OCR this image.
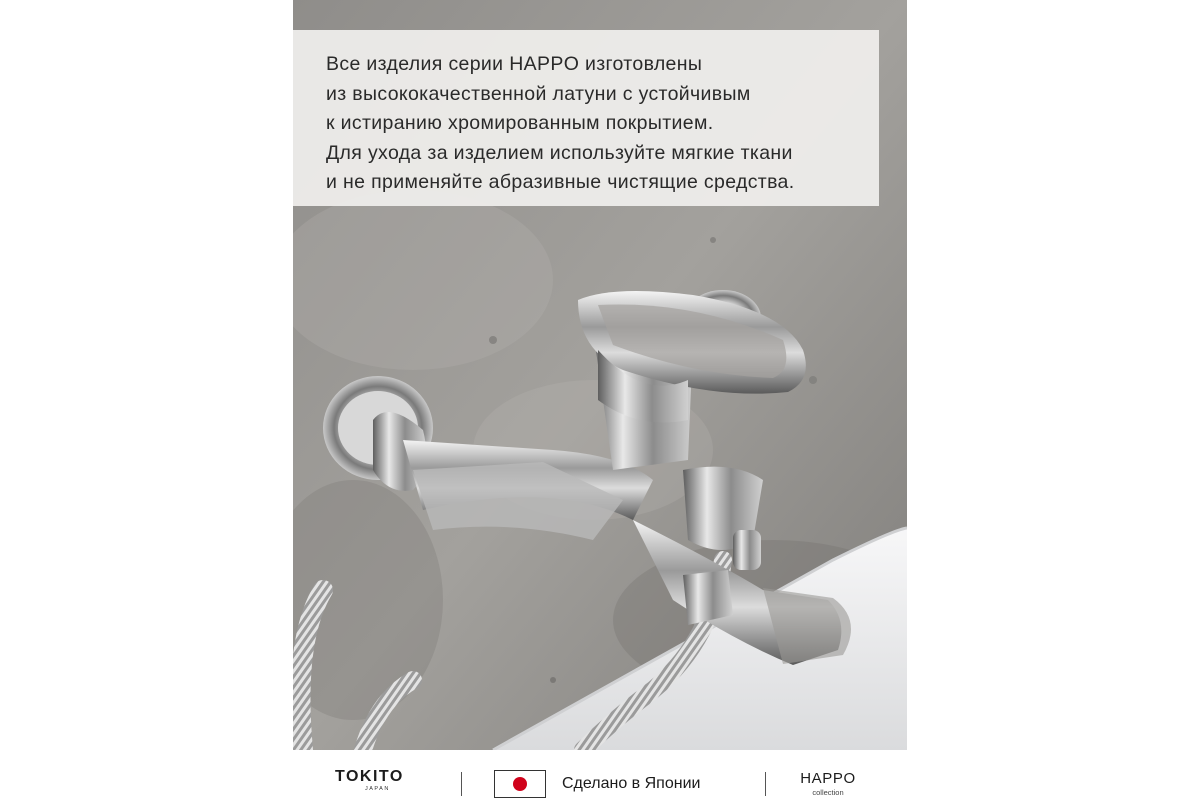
Все изделия серии HAPPO изготовлены
из высококачественной латуни с устойчивым
к истиранию хромированным покрытием.
Для ухода за изделием используйте мягкие ткани
и не применяйте абразивные чистящие средства.
TOKITO
JAPAN	Сделано в Японии	HAPPO
collection
